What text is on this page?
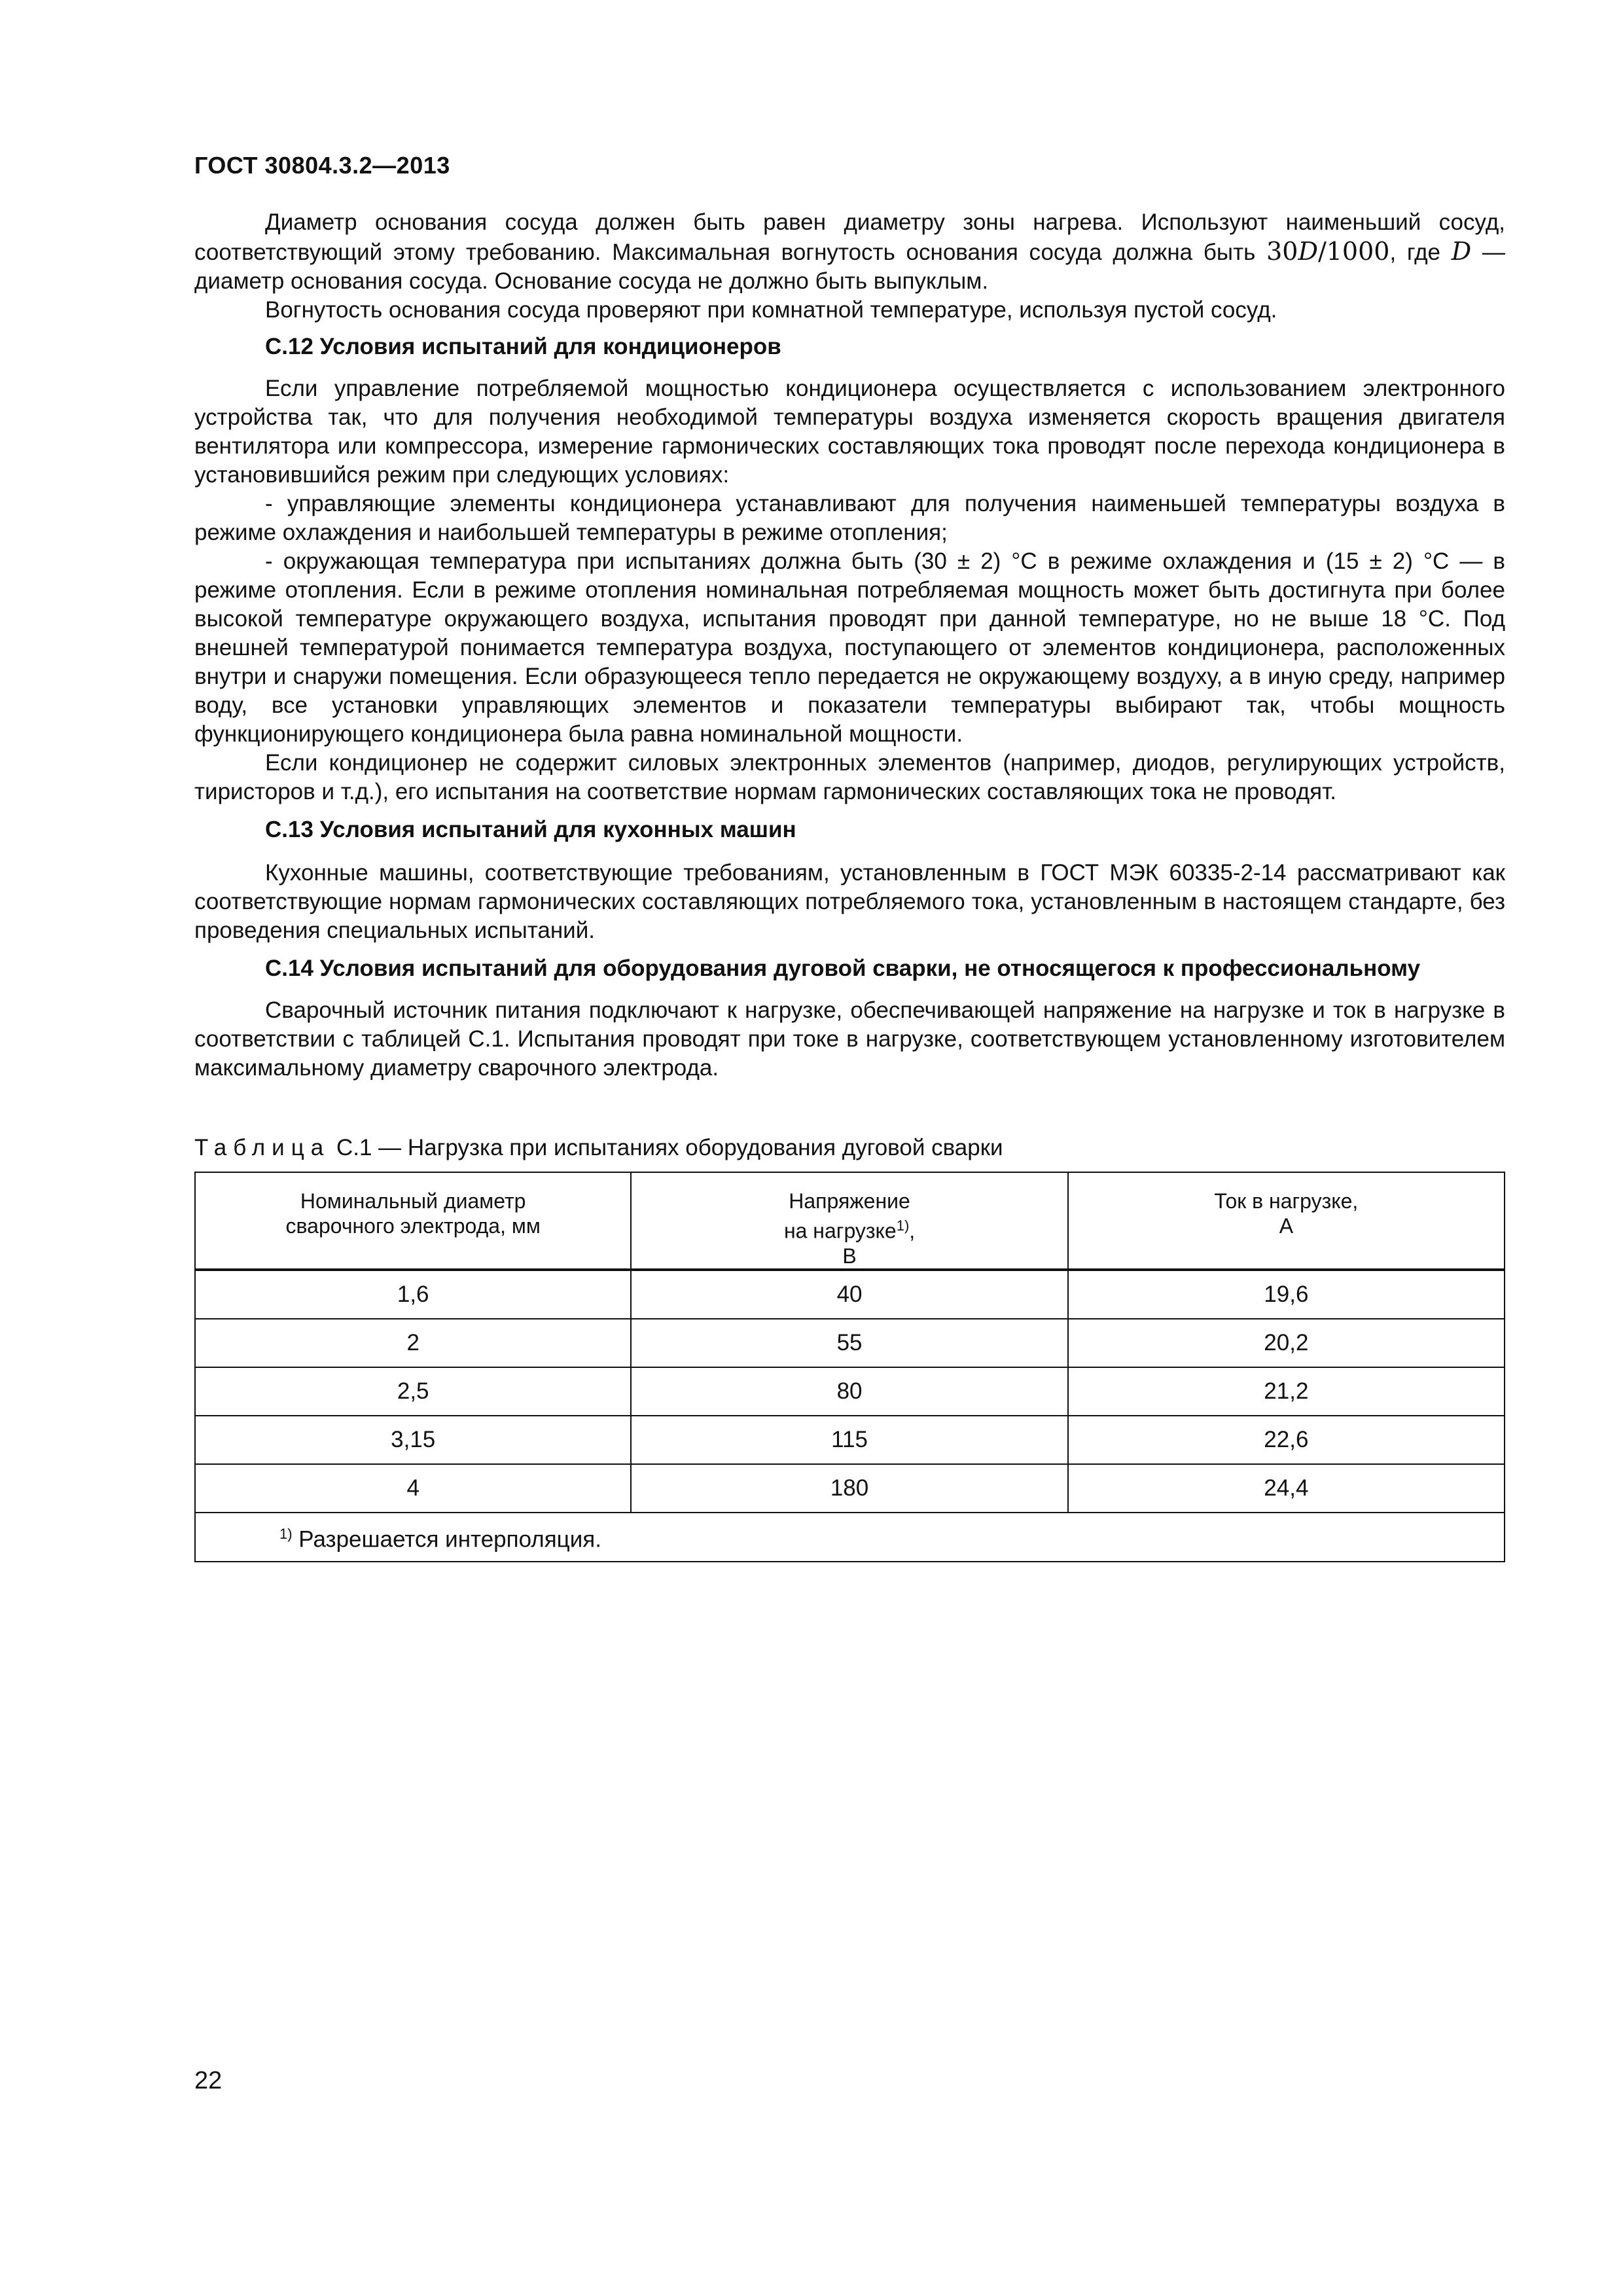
ГОСТ 30804.3.2—2013

Диаметр основания сосуда должен быть равен диаметру зоны нагрева. Используют наименьший сосуд, соответствующий этому требованию. Максимальная вогнутость основания сосуда должна быть 30D/1000, где D — диаметр основания сосуда. Основание сосуда не должно быть выпуклым.

Вогнутость основания сосуда проверяют при комнатной температуре, используя пустой сосуд.

С.12 Условия испытаний для кондиционеров

Если управление потребляемой мощностью кондиционера осуществляется с использованием электронного устройства так, что для получения необходимой температуры воздуха изменяется скорость вращения двигателя вентилятора или компрессора, измерение гармонических составляющих тока проводят после перехода кондиционера в установившийся режим при следующих условиях:

- управляющие элементы кондиционера устанавливают для получения наименьшей температуры воздуха в режиме охлаждения и наибольшей температуры в режиме отопления;

- окружающая температура при испытаниях должна быть (30 ± 2) °С в режиме охлаждения и (15 ± 2) °С — в режиме отопления. Если в режиме отопления номинальная потребляемая мощность может быть достигнута при более высокой температуре окружающего воздуха, испытания проводят при данной температуре, но не выше 18 °С. Под внешней температурой понимается температура воздуха, поступающего от элементов кондиционера, расположенных внутри и снаружи помещения. Если образующееся тепло передается не окружающему воздуху, а в иную среду, например воду, все установки управляющих элементов и показатели температуры выбирают так, чтобы мощность функционирующего кондиционера была равна номинальной мощности.

Если кондиционер не содержит силовых электронных элементов (например, диодов, регулирующих устройств, тиристоров и т.д.), его испытания на соответствие нормам гармонических составляющих тока не проводят.

С.13 Условия испытаний для кухонных машин

Кухонные машины, соответствующие требованиям, установленным в ГОСТ МЭК 60335-2-14 рассматривают как соответствующие нормам гармонических составляющих потребляемого тока, установленным в настоящем стандарте, без проведения специальных испытаний.

С.14 Условия испытаний для оборудования дуговой сварки, не относящегося к профессиональному

Сварочный источник питания подключают к нагрузке, обеспечивающей напряжение на нагрузке и ток в нагрузке в соответствии с таблицей С.1. Испытания проводят при токе в нагрузке, соответствующем установленному изготовителем максимальному диаметру сварочного электрода.

Таблица С.1 — Нагрузка при испытаниях оборудования дуговой сварки
Номинальный диаметр
сварочного электрода, мм	Напряжение
на нагрузке$^{1)}$,
В	Ток в нагрузке,
А
1,6	40	19,6
2	55	20,2
2,5	80	21,2
3,15	115	22,6
4	180	24,4
$^{1)}$ Разрешается интерполяция.		
22
